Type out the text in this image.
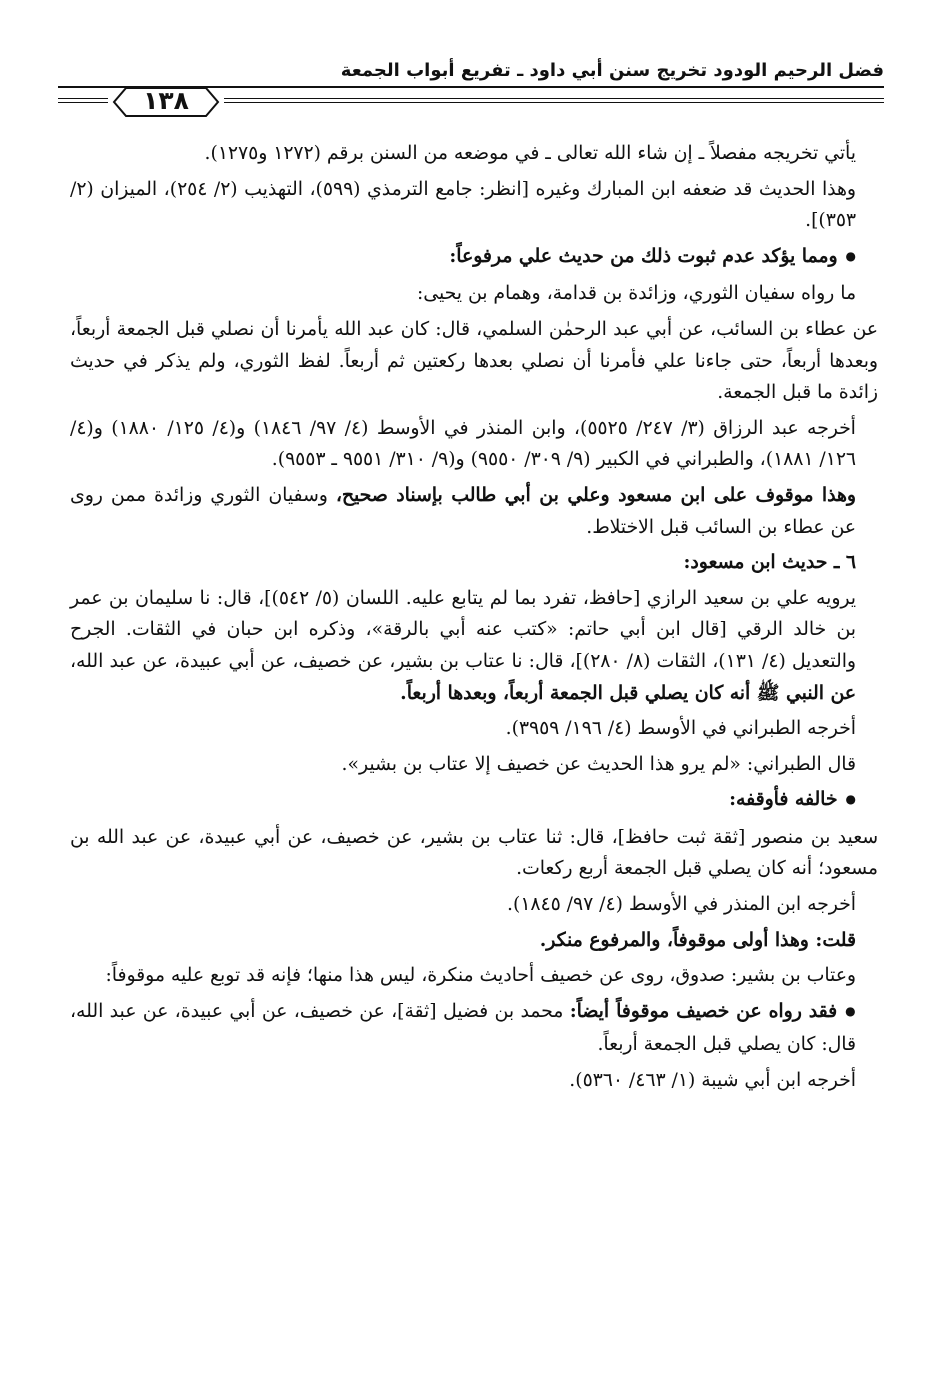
فضل الرحيم الودود تخريج سنن أبي داود ـ تفريع أبواب الجمعة
١٣٨

يأتي تخريجه مفصلاً ـ إن شاء الله تعالى ـ في موضعه من السنن برقم (١٢٧٢ و١٢٧٥).

وهذا الحديث قد ضعفه ابن المبارك وغيره [انظر: جامع الترمذي (٥٩٩)، التهذيب (٢/ ٢٥٤)، الميزان (٢/ ٣٥٣)].

● ومما يؤكد عدم ثبوت ذلك من حديث علي مرفوعاً:

ما رواه سفيان الثوري، وزائدة بن قدامة، وهمام بن يحيى:

عن عطاء بن السائب، عن أبي عبد الرحمٰن السلمي، قال: كان عبد الله يأمرنا أن نصلي قبل الجمعة أربعاً، وبعدها أربعاً، حتى جاءنا علي فأمرنا أن نصلي بعدها ركعتين ثم أربعاً. لفظ الثوري، ولم يذكر في حديث زائدة ما قبل الجمعة.

أخرجه عبد الرزاق (٣/ ٢٤٧/ ٥٥٢٥)، وابن المنذر في الأوسط (٤/ ٩٧/ ١٨٤٦) و(٤/ ١٢٥/ ١٨٨٠) و(٤/ ١٢٦/ ١٨٨١)، والطبراني في الكبير (٩/ ٣٠٩/ ٩٥٥٠) و(٩/ ٣١٠/ ٩٥٥١ ـ ٩٥٥٣).

وهذا موقوف على ابن مسعود وعلي بن أبي طالب بإسناد صحيح، وسفيان الثوري وزائدة ممن روى عن عطاء بن السائب قبل الاختلاط.

٦ ـ حديث ابن مسعود:

يرويه علي بن سعيد الرازي [حافظ، تفرد بما لم يتابع عليه. اللسان (٥/ ٥٤٢)]، قال: نا سليمان بن عمر بن خالد الرقي [قال ابن أبي حاتم: «كتب عنه أبي بالرقة»، وذكره ابن حبان في الثقات. الجرح والتعديل (٤/ ١٣١)، الثقات (٨/ ٢٨٠)]، قال: نا عتاب بن بشير، عن خصيف، عن أبي عبيدة، عن عبد الله، عن النبي ﷺ أنه كان يصلي قبل الجمعة أربعاً، وبعدها أربعاً.

أخرجه الطبراني في الأوسط (٤/ ١٩٦/ ٣٩٥٩).

قال الطبراني: «لم يرو هذا الحديث عن خصيف إلا عتاب بن بشير».

● خالفه فأوقفه:

سعيد بن منصور [ثقة ثبت حافظ]، قال: ثنا عتاب بن بشير، عن خصيف، عن أبي عبيدة، عن عبد الله بن مسعود؛ أنه كان يصلي قبل الجمعة أربع ركعات.

أخرجه ابن المنذر في الأوسط (٤/ ٩٧/ ١٨٤٥).

قلت: وهذا أولى موقوفاً، والمرفوع منكر.

وعتاب بن بشير: صدوق، روى عن خصيف أحاديث منكرة، ليس هذا منها؛ فإنه قد توبع عليه موقوفاً:

● فقد رواه عن خصيف موقوفاً أيضاً: محمد بن فضيل [ثقة]، عن خصيف، عن أبي عبيدة، عن عبد الله، قال: كان يصلي قبل الجمعة أربعاً.

أخرجه ابن أبي شيبة (١/ ٤٦٣/ ٥٣٦٠).
